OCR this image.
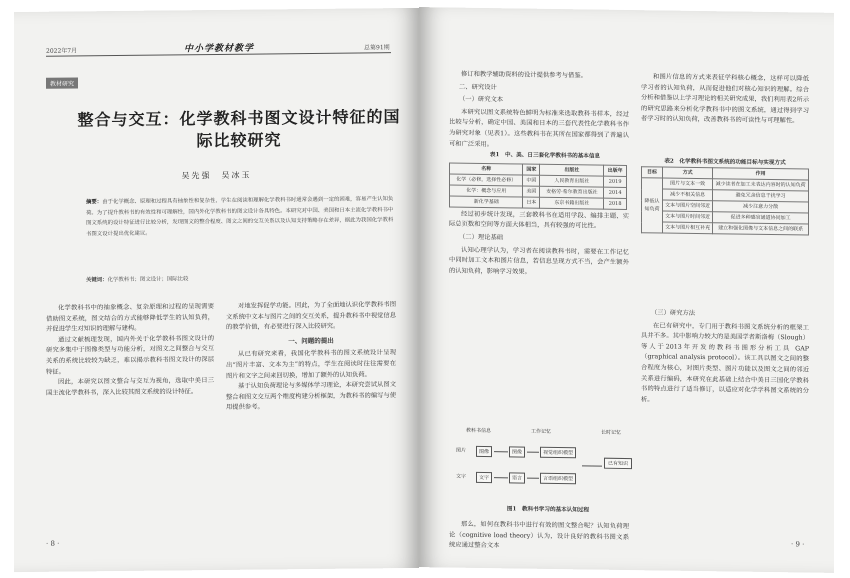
2022年7月	中小学教材教学	总第91期
教材研究
整合与交互：化学教科书图文设计特征的国际比较研究
吴先强　吴冰玉
摘要：由于化学概念、原理和过程具有抽象性和复杂性，学生在阅读和理解化学教科书时通常会遇到一定的困难，容易产生认知负荷。为了提升教科书的有效性和可理解性，国内外化学教科书的图文设计各具特色。本研究对中国、美国和日本主流化学教科书中图文系统的设计特征进行比较分析，发现图文的整合程度、图文之间的交互关系以及认知支持策略存在差异，据此为我国化学教科书图文设计提出优化建议。
关键词：化学教科书；图文设计；国际比较

化学教科书中的抽象概念、复杂原理和过程的呈现需要借助图文系统，图文结合的方式能够降低学生的认知负荷，并促进学生对知识的理解与建构。

通过文献梳理发现，国内外关于化学教科书图文设计的研究多集中于图像类型与功能分析，对图文之间整合与交互关系的系统比较较为缺乏，难以揭示教科书图文设计的深层特征。

因此，本研究以图文整合与交互为视角，选取中美日三国主流化学教科书，深入比较其图文系统的设计特征。

对地发挥促学功能。因此，为了全面地认识化学教科书图文系统中文本与图片之间的交互关系，提升教科书中视觉信息的教学价值，有必要进行深入比较研究。

一、问题的提出

从已有研究来看，我国化学教科书的图文系统设计呈现出“图片丰富、文本为主”的特点，学生在阅读时往往需要在图片和文字之间来回切换，增加了额外的认知负荷。

基于认知负荷理论与多媒体学习理论，本研究尝试从图文整合和图文交互两个维度构建分析框架，为教科书的编写与使用提供参考。

· 8 ·

修订和教学辅助资料的设计提供参考与借鉴。

二、研究设计

（一）研究文本

本研究以图文系统特色鲜明为标准来选取教科书样本，经过比较与分析，确定中国、美国和日本的三套代表性化学教科书作为研究对象（见表1）。这些教科书在其所在国家都得到了普遍认可和广泛采用。

表1　中、美、日三套化学教科书的基本信息
名称	国家	出版社	出版年
化学（必修，选择性必修）	中国	人民教育出版社	2019
化学：概念与应用	美国	麦格劳·希尔教育出版社	2014
新化学基础	日本	东京书籍出版社	2018

经过初步统计发现，三套教科书在适用学段、编排主题、实际总页数和空间等方面大体相当，具有较强的可比性。

（二）理论基础

认知心理学认为，学习者在阅读教科书时，需要在工作记忆中同时加工文本和图片信息，若信息呈现方式不当，会产生额外的认知负荷，影响学习效果。

教科书信息	工作记忆	长时记忆
图片
文字
图像
文字
图像
语言
视觉组织模型
言语组织模型
已有知识
图1　教科书学习的基本认知过程
那么，如何在教科书中进行有效的图文整合呢？认知负荷理论（cognitive load theory）认为，设计良好的教科书图文系统应通过整合文本

和图片信息的方式来表征学科核心概念，这样可以降低学习者的认知负荷，从而促进他们对核心知识的理解。综合分析和借鉴以上学习理论的相关研究成果，我们利用表2所示的研究思路来分析化学教科书中的图文系统，通过得到学习者学习时的认知负荷，改善教科书的可读性与可理解性。

表2　化学教科书图文系统的功能目标与实现方式
目标	方式	作用
降低认知负荷	图片与文本一致	减少读者在加工未表达内容时的认知负荷
	减少不相关信息	避免冗余信息干扰学习
	文本与图片空间邻近	减少注意力分散
	文本与图片时间邻近	促进多种感官通道协同加工
	文本与图片相互补充	建立和强化图像与文本信息之间的联系

（三）研究方法

在已有研究中，专门用于教科书图文系统分析的框架工具并不多。其中影响力较大的是美国学者斯洛梅（Slough）等人于2013年开发的教科书图形分析工具 GAP（graphical analysis protocol）。该工具以图文之间的整合程度为核心，对图片类型、图片功能以及图文之间的邻近关系进行编码，本研究在此基础上结合中美日三国化学教科书的特点进行了适当修订，以适应对化学学科图文系统的分析。

· 9 ·
